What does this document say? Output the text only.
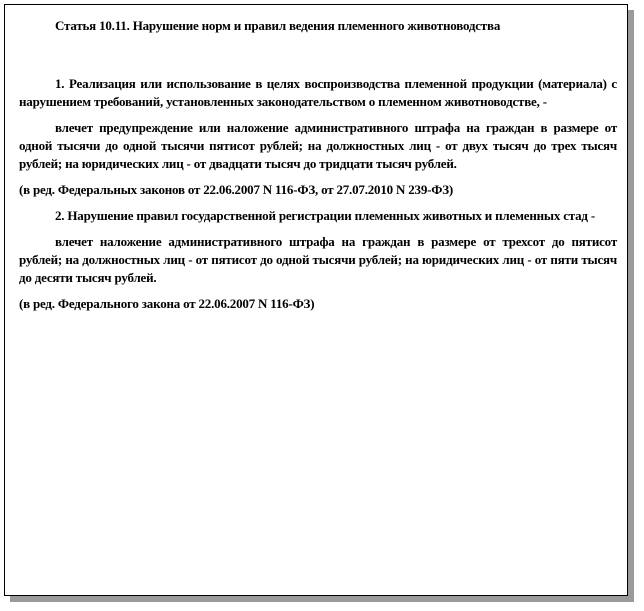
Статья 10.11. Нарушение норм и правил ведения племенного животноводства

1. Реализация или использование в целях воспроизводства племенной продукции (материала) с нарушением требований, установленных законодательством о племенном животноводстве, -

влечет предупреждение или наложение административного штрафа на граждан в размере от одной тысячи до одной тысячи пятисот рублей; на должностных лиц - от двух тысяч до трех тысяч рублей; на юридических лиц - от двадцати тысяч до тридцати тысяч рублей.

(в ред. Федеральных законов от 22.06.2007 N 116-ФЗ, от 27.07.2010 N 239-ФЗ)

2. Нарушение правил государственной регистрации племенных животных и племенных стад -

влечет наложение административного штрафа на граждан в размере от трехсот до пятисот рублей; на должностных лиц - от пятисот до одной тысячи рублей; на юридических лиц - от пяти тысяч до десяти тысяч рублей.

(в ред. Федерального закона от 22.06.2007 N 116-ФЗ)
